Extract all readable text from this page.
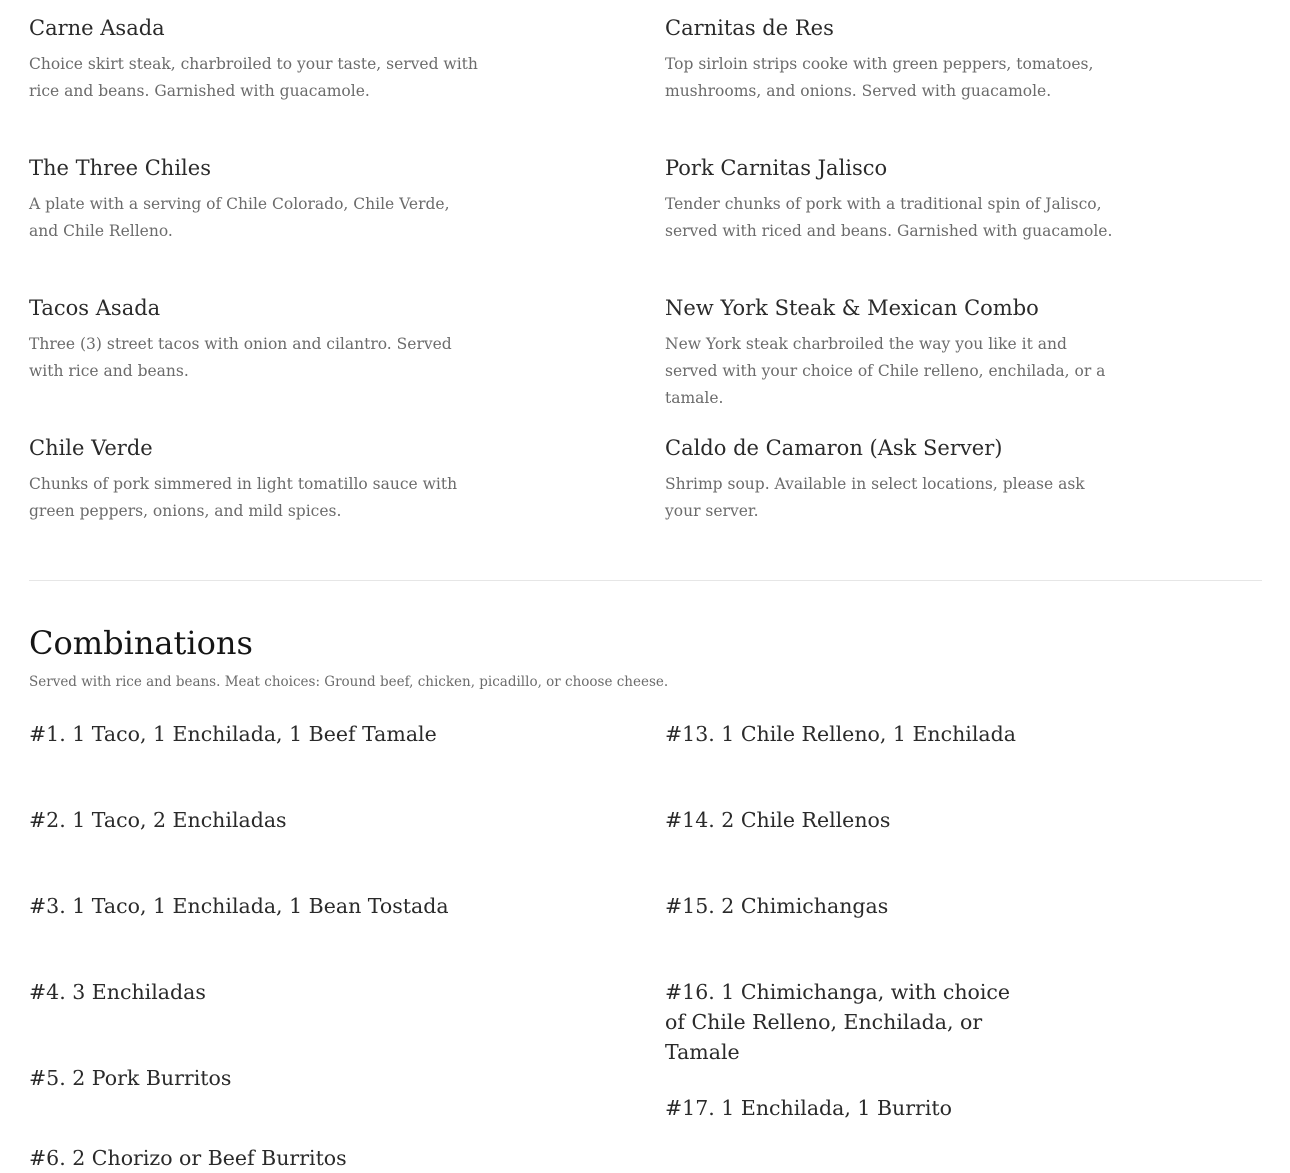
Carne Asada
Choice skirt steak, charbroiled to your taste, served with rice and beans. Garnished with guacamole.
Carnitas de Res
Top sirloin strips cooke with green peppers, tomatoes, mushrooms, and onions. Served with guacamole.
The Three Chiles
A plate with a serving of Chile Colorado, Chile Verde, and Chile Relleno.
Pork Carnitas Jalisco
Tender chunks of pork with a traditional spin of Jalisco, served with riced and beans. Garnished with guacamole.
Tacos Asada
Three (3) street tacos with onion and cilantro. Served with rice and beans.
New York Steak & Mexican Combo
New York steak charbroiled the way you like it and served with your choice of Chile relleno, enchilada, or a tamale.
Chile Verde
Chunks of pork simmered in light tomatillo sauce with green peppers, onions, and mild spices.
Caldo de Camaron (Ask Server)
Shrimp soup. Available in select locations, please ask your server.
Combinations
Served with rice and beans. Meat choices: Ground beef, chicken, picadillo, or choose cheese.
#1. 1 Taco, 1 Enchilada, 1 Beef Tamale
#2. 1 Taco, 2 Enchiladas
#3. 1 Taco, 1 Enchilada, 1 Bean Tostada
#4. 3 Enchiladas
#5. 2 Pork Burritos
#6. 2 Chorizo or Beef Burritos
#13. 1 Chile Relleno, 1 Enchilada
#14. 2 Chile Rellenos
#15. 2 Chimichangas
#16. 1 Chimichanga, with choice of Chile Relleno, Enchilada, or Tamale
#17. 1 Enchilada, 1 Burrito
